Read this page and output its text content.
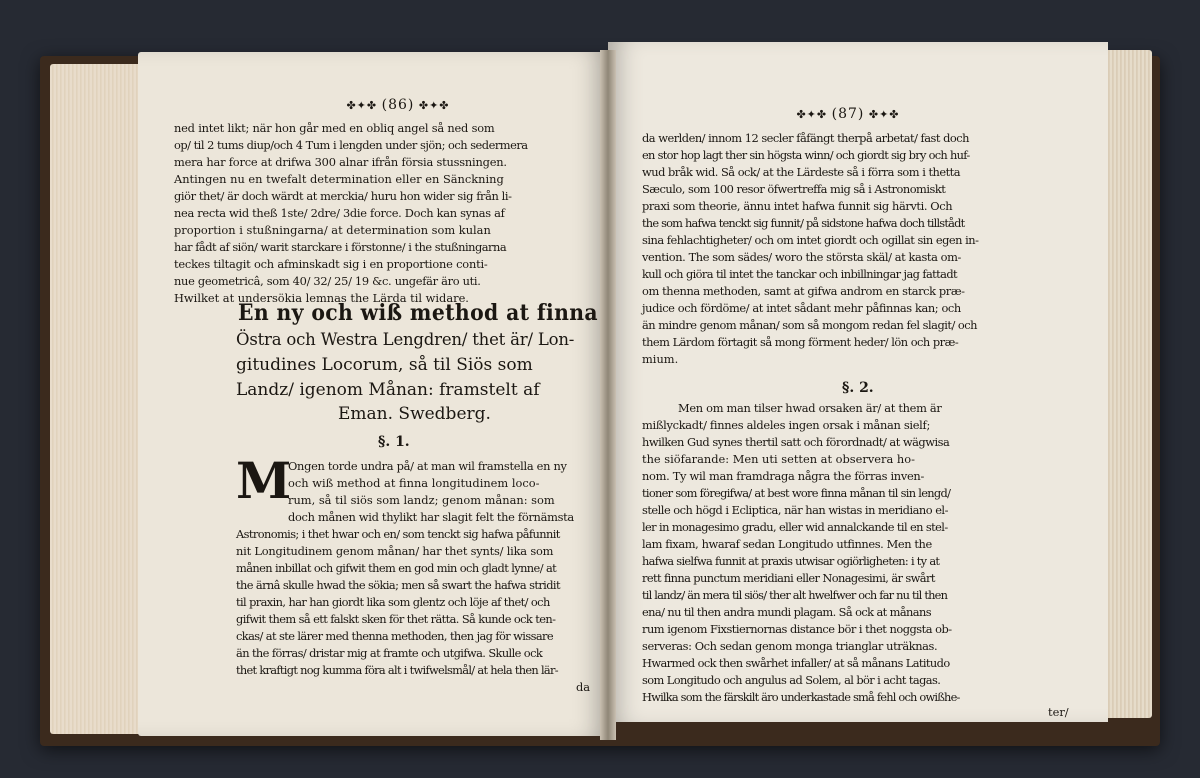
✤✦✤ (86) ✤✦✤
ned intet likt; när hon går med en obliq angel så ned som
op/ til 2 tums diup/och 4 Tum i lengden under sjön; och sedermera
mera har force at drifwa 300 alnar ifrån försia stussningen.
Antingen nu en twefalt determination eller en Sänckning
giör thet/ är doch wärdt at merckia/ huru hon wider sig från li-
nea recta wid theß 1ste/ 2dre/ 3die force. Doch kan synas af
proportion i stußningarna/ at determination som kulan
har fådt af siön/ warit starckare i förstonne/ i the stußningarna
teckes tiltagit och afminskadt sig i en proportione conti-
nue geometricâ, som 40/ 32/ 25/ 19 &c. ungefär äro uti.
Hwilket at undersökia lemnas the Lärda til widare.
En ny och wiß method at finna
Östra och Westra Lengdren/ thet är/ Lon-
gitudines Locorum, så til Siös som
Landz/ igenom Månan: framstelt af
Eman. Swedberg.
§. 1.
M
Ongen torde undra på/ at man wil framstella en ny
och wiß method at finna longitudinem loco-
rum, så til siös som landz; genom månan: som
doch månen wid thylikt har slagit felt the förnämsta
Astronomis; i thet hwar och en/ som tenckt sig hafwa påfunnit
nit Longitudinem genom månan/ har thet synts/ lika som
månen inbillat och gifwit them en god min och gladt lynne/ at
the ärnâ skulle hwad the sökia; men så swart the hafwa stridit
til praxin, har han giordt lika som glentz och löje af thet/ och
gifwit them så ett falskt sken för thet rätta. Så kunde ock ten-
ckas/ at ste lärer med thenna methoden, then jag för wissare
än the förras/ dristar mig at framte och utgifwa. Skulle ock
thet kraftigt nog kumma föra alt i twifwelsmål/ at hela then lär-
da
✤✦✤ (87) ✤✦✤
da werlden/ innom 12 secler fåfängt therpå arbetat/ fast doch
en stor hop lagt ther sin högsta winn/ och giordt sig bry och huf-
wud bråk wid. Så ock/ at the Lärdeste så i förra som i thetta
Sæculo, som 100 resor öfwertreffa mig så i Astronomiskt
praxi som theorie, ännu intet hafwa funnit sig härvti. Och
the som hafwa tenckt sig funnit/ på sidstone hafwa doch tillstådt
sina fehlachtigheter/ och om intet giordt och ogillat sin egen in-
vention. The som sädes/ woro the största skäl/ at kasta om-
kull och giöra til intet the tanckar och inbillningar jag fattadt
om thenna methoden, samt at gifwa androm en starck præ-
judice och fördöme/ at intet sådant mehr påfinnas kan; och
än mindre genom månan/ som så mongom redan fel slagit/ och
them Lärdom förtagit så mong förment heder/ lön och præ-
mium.
§. 2.
Men om man tilser hwad orsaken är/ at them är
mißlyckadt/ finnes aldeles ingen orsak i månan sielf;
hwilken Gud synes thertil satt och förordnadt/ at wägwisa
the siöfarande: Men uti setten at observera ho-
nom. Ty wil man framdraga några the förras inven-
tioner som föregifwa/ at best wore finna månan til sin lengd/
stelle och högd i Ecliptica, när han wistas in meridiano el-
ler in monagesimo gradu, eller wid annalckande til en stel-
lam fixam, hwaraf sedan Longitudo utfinnes. Men the
hafwa sielfwa funnit at praxis utwisar ogiörligheten: i ty at
rett finna punctum meridiani eller Nonagesimi, är swårt
til landz/ än mera til siös/ ther alt hwelfwer och far nu til then
ena/ nu til then andra mundi plagam. Så ock at månans
rum igenom Fixstiernornas distance bör i thet noggsta ob-
serveras: Och sedan genom monga trianglar uträknas.
Hwarmed ock then swårhet infaller/ at så månans Latitudo
som Longitudo och angulus ad Solem, al bör i acht tagas.
Hwilka som the färskilt äro underkastade små fehl och owißhe-
ter/
